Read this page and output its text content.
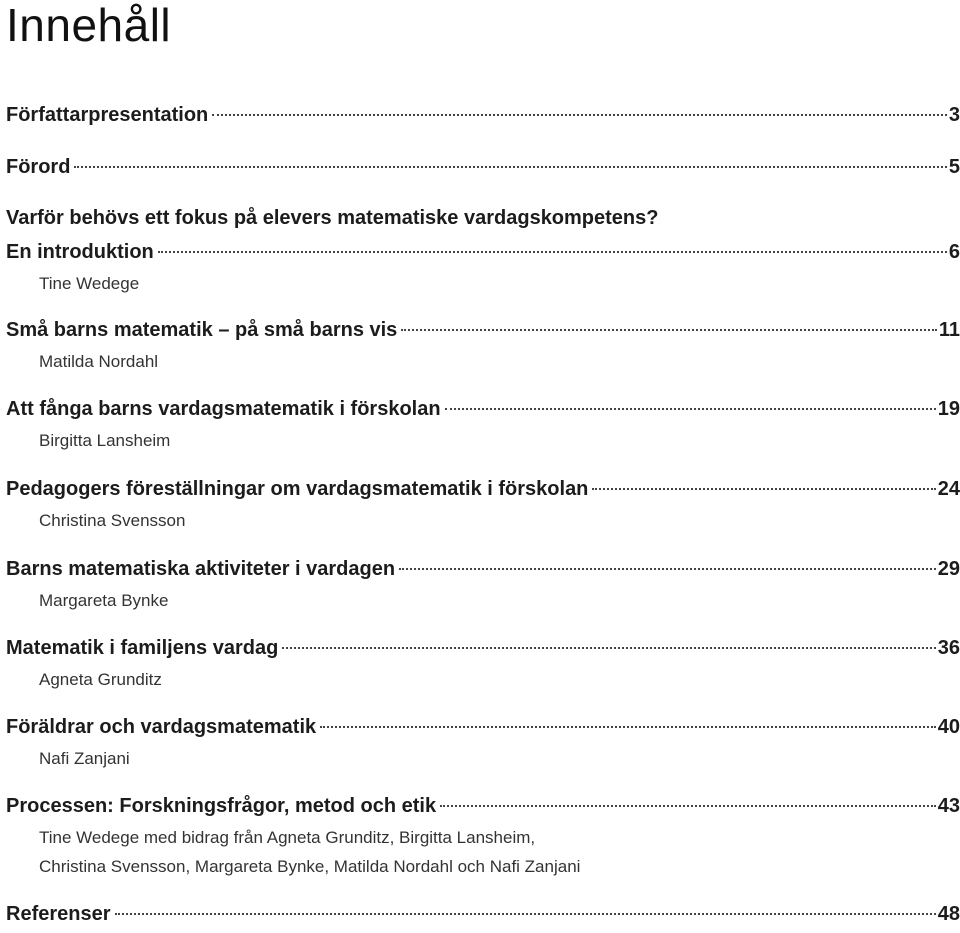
Innehåll
Författarpresentation	3
Förord	5
Varför behövs ett fokus på elevers matematiske vardagskompetens?
En introduktion	6
Tine Wedege
Små barns matematik – på små barns vis	11
Matilda Nordahl
Att fånga barns vardagsmatematik i förskolan	19
Birgitta Lansheim
Pedagogers föreställningar om vardagsmatematik i förskolan	24
Christina Svensson
Barns matematiska aktiviteter i vardagen	29
Margareta Bynke
Matematik i familjens vardag	36
Agneta Grunditz
Föräldrar och vardagsmatematik	40
Nafi Zanjani
Processen: Forskningsfrågor, metod och etik	43
Tine Wedege med bidrag från Agneta Grunditz, Birgitta Lansheim,
Christina Svensson, Margareta Bynke, Matilda Nordahl och Nafi Zanjani
Referenser	48
